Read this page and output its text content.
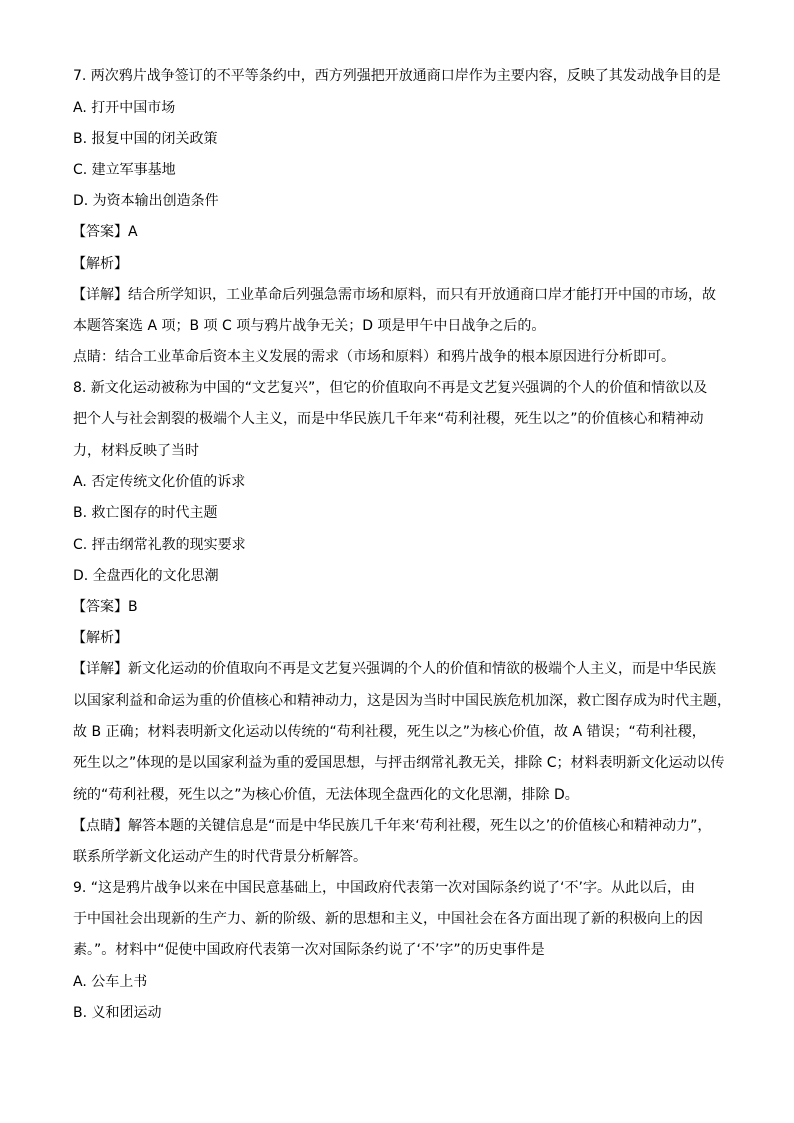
7. 两次鸦片战争签订的不平等条约中，西方列强把开放通商口岸作为主要内容，反映了其发动战争目的是
A. 打开中国市场
B. 报复中国的闭关政策
C. 建立军事基地
D. 为资本输出创造条件
【答案】A
【解析】
【详解】结合所学知识，工业革命后列强急需市场和原料，而只有开放通商口岸才能打开中国的市场，故
本题答案选 A 项；B 项 C 项与鸦片战争无关；D 项是甲午中日战争之后的。
点睛：结合工业革命后资本主义发展的需求（市场和原料）和鸦片战争的根本原因进行分析即可。
8. 新文化运动被称为中国的“文艺复兴”，但它的价值取向不再是文艺复兴强调的个人的价值和情欲以及
把个人与社会割裂的极端个人主义，而是中华民族几千年来“苟利社稷，死生以之”的价值核心和精神动
力，材料反映了当时
A. 否定传统文化价值的诉求
B. 救亡图存的时代主题
C. 抨击纲常礼教的现实要求
D. 全盘西化的文化思潮
【答案】B
【解析】
【详解】新文化运动的价值取向不再是文艺复兴强调的个人的价值和情欲的极端个人主义，而是中华民族
以国家利益和命运为重的价值核心和精神动力，这是因为当时中国民族危机加深，救亡图存成为时代主题，
故 B 正确；材料表明新文化运动以传统的“苟利社稷，死生以之”为核心价值，故 A 错误；“苟利社稷，
死生以之”体现的是以国家利益为重的爱国思想，与抨击纲常礼教无关，排除 C；材料表明新文化运动以传
统的“苟利社稷，死生以之”为核心价值，无法体现全盘西化的文化思潮，排除 D。
【点睛】解答本题的关键信息是“而是中华民族几千年来‘苟利社稷，死生以之’的价值核心和精神动力”，
联系所学新文化运动产生的时代背景分析解答。
9. “这是鸦片战争以来在中国民意基础上，中国政府代表第一次对国际条约说了‘不’字。从此以后，由
于中国社会出现新的生产力、新的阶级、新的思想和主义，中国社会在各方面出现了新的积极向上的因
素。”。材料中“促使中国政府代表第一次对国际条约说了‘不’字”的历史事件是
A. 公车上书
B. 义和团运动
